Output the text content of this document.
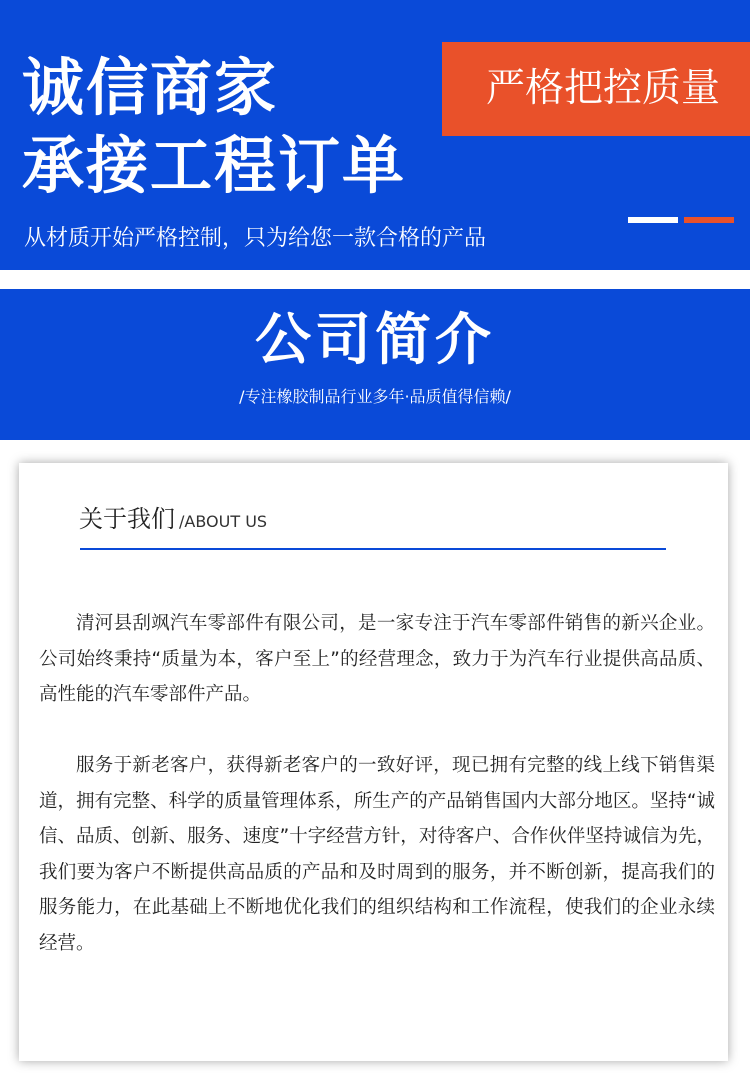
诚信商家
承接工程订单
严格把控质量
从材质开始严格控制，只为给您一款合格的产品
公司简介
/专注橡胶制品行业多年·品质值得信赖/
关于我们 /ABOUT US

清河县刮飒汽车零部件有限公司，是一家专注于汽车零部件销售的新兴企业。公司始终秉持“质量为本，客户至上”的经营理念，致力于为汽车行业提供高品质、高性能的汽车零部件产品。

服务于新老客户，获得新老客户的一致好评，现已拥有完整的线上线下销售渠道，拥有完整、科学的质量管理体系，所生产的产品销售国内大部分地区。坚持“诚信、品质、创新、服务、速度”十字经营方针，对待客户、合作伙伴坚持诚信为先，我们要为客户不断提供高品质的产品和及时周到的服务，并不断创新，提高我们的服务能力，在此基础上不断地优化我们的组织结构和工作流程，使我们的企业永续经营。
